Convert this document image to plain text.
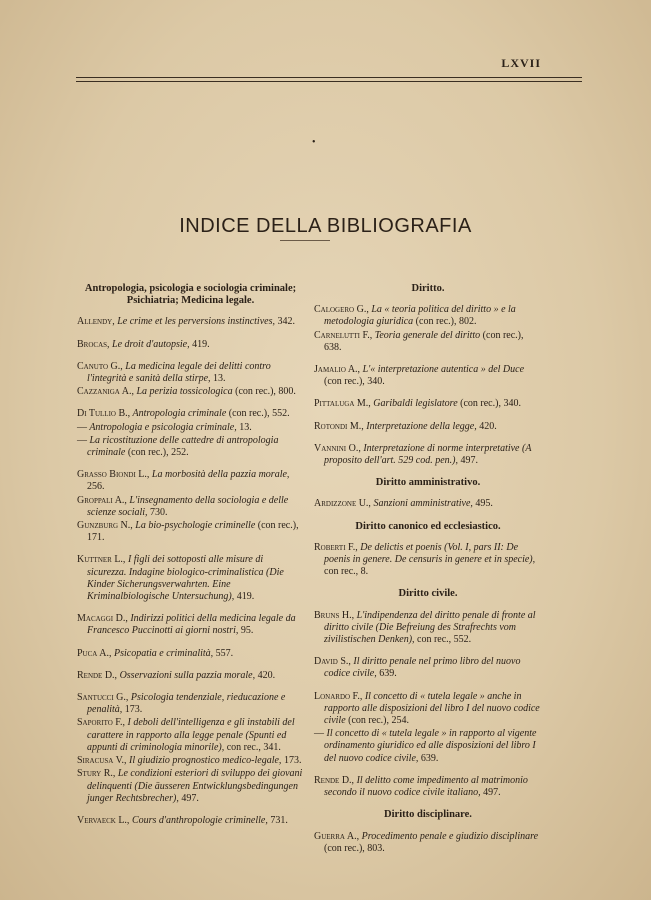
LXVII
•
INDICE DELLA BIBLIOGRAFIA
Antropologia, psicologia e sociologia criminale; Psichiatria; Medicina legale.
Allendy, Le crime et les perversions instinctives, 342.
Brocas, Le droit d'autopsie, 419.
Canuto G., La medicina legale dei delitti contro l'integrità e sanità della stirpe, 13.
Cazzaniga A., La perizia tossicologica (con rec.), 800.
Di Tullio B., Antropologia criminale (con rec.), 552.
— Antropologia e psicologia criminale, 13.
— La ricostituzione delle cattedre di antropologia criminale (con rec.), 252.
Grasso Biondi L., La morbosità della pazzia morale, 256.
Groppali A., L'insegnamento della sociologia e delle scienze sociali, 730.
Gunzburg N., La bio-psychologie criminelle (con rec.), 171.
Kuttner L., I figli dei sottoposti alle misure di sicurezza. Indagine biologico-criminalistica (Die Kinder Sicherungsverwahrten. Eine Kriminalbiologische Untersuchung), 419.
Macaggi D., Indirizzi politici della medicina legale da Francesco Puccinotti ai giorni nostri, 95.
Puca A., Psicopatia e criminalità, 557.
Rende D., Osservazioni sulla pazzia morale, 420.
Santucci G., Psicologia tendenziale, rieducazione e penalità, 173.
Saporito F., I deboli dell'intelligenza e gli instabili del carattere in rapporto alla legge penale (Spunti ed appunti di criminologia minorile), con rec., 341.
Siracusa V., Il giudizio prognostico medico-legale, 173.
Stury R., Le condizioni esteriori di sviluppo dei giovani delinquenti (Die äusseren Entwicklungsbedingungen junger Rechtsbrecher), 497.
Vervaeck L., Cours d'anthropologie criminelle, 731.
Diritto.
Calogero G., La « teoria politica del diritto » e la metodologia giuridica (con rec.), 802.
Carnelutti F., Teoria generale del diritto (con rec.), 638.
Jamalio A., L'« interpretazione autentica » del Duce (con rec.), 340.
Pittaluga M., Garibaldi legislatore (con rec.), 340.
Rotondi M., Interpretazione della legge, 420.
Vannini O., Interpretazione di norme interpretative (A proposito dell'art. 529 cod. pen.), 497.
Diritto amministrativo.
Ardizzone U., Sanzioni amministrative, 495.
Diritto canonico ed ecclesiastico.
Roberti F., De delictis et poenis (Vol. I, pars II: De poenis in genere. De censuris in genere et in specie), con rec., 8.
Diritto civile.
Bruns H., L'indipendenza del diritto penale di fronte al diritto civile (Die Befreiung des Strafrechts vom zivilistischen Denken), con rec., 552.
David S., Il diritto penale nel primo libro del nuovo codice civile, 639.
Lonardo F., Il concetto di « tutela legale » anche in rapporto alle disposizioni del libro I del nuovo codice civile (con rec.), 254.
— Il concetto di « tutela legale » in rapporto al vigente ordinamento giuridico ed alle disposizioni del libro I del nuovo codice civile, 639.
Rende D., Il delitto come impedimento al matrimonio secondo il nuovo codice civile italiano, 497.
Diritto disciplinare.
Guerra A., Procedimento penale e giudizio disciplinare (con rec.), 803.
